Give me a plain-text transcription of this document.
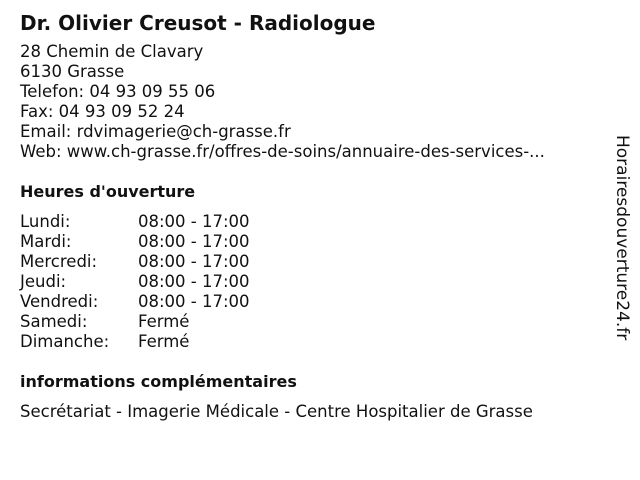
Dr. Olivier Creusot - Radiologue
28 Chemin de Clavary
6130 Grasse
Telefon: 04 93 09 55 06
Fax: 04 93 09 52 24
Email: rdvimagerie@ch-grasse.fr
Web: www.ch-grasse.fr/offres-de-soins/annuaire-des-services-...
Heures d'ouverture
Lundi:	08:00 - 17:00
Mardi:	08:00 - 17:00
Mercredi: 08:00 - 17:00
Jeudi:	08:00 - 17:00
Vendredi: 08:00 - 17:00
Samedi:	Fermé
Dimanche: Fermé
informations complémentaires
Secrétariat - Imagerie Médicale - Centre Hospitalier de Grasse
Horairesdouverture24.fr
